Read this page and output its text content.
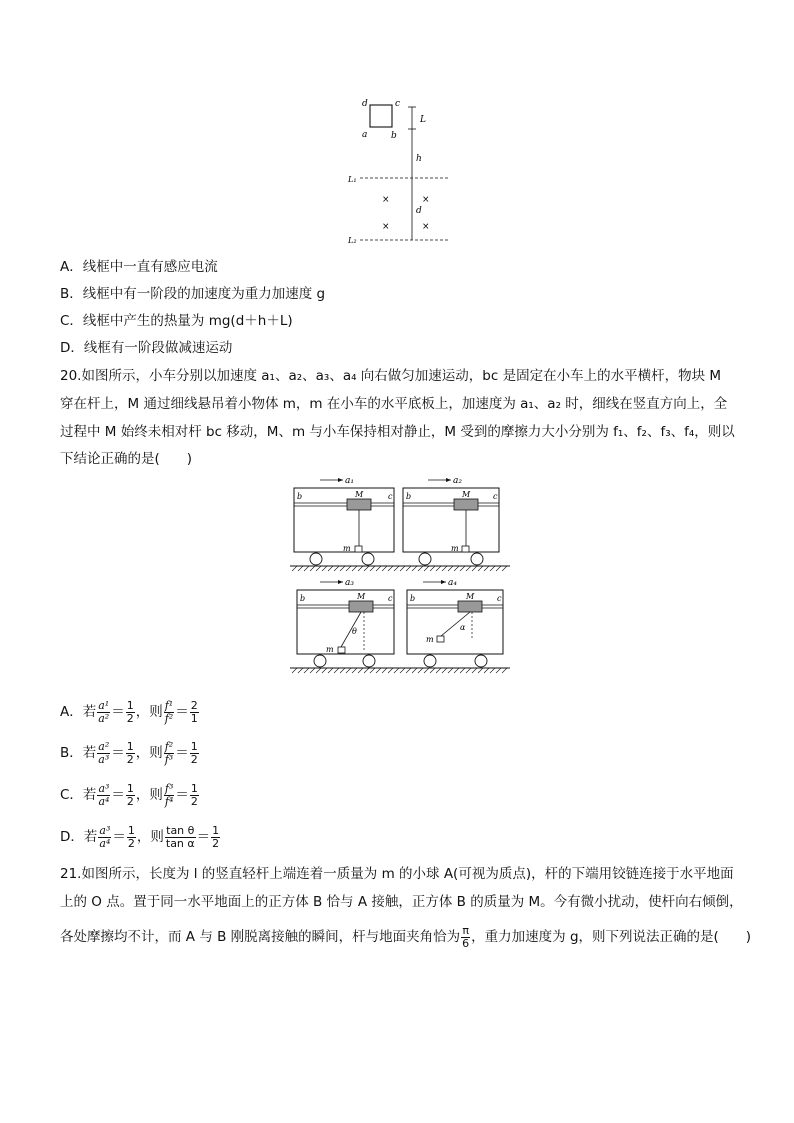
d	c
a	b
L
h
L₁
L₂
d
×	×
×	×
A．线框中一直有感应电流
B．线框中有一阶段的加速度为重力加速度 g
C．线框中产生的热量为 mg(d＋h＋L)
D．线框有一阶段做减速运动
20.如图所示，小车分别以加速度 a₁、a₂、a₃、a₄ 向右做匀加速运动，bc 是固定在小车上的水平横杆，物块 M
穿在杆上，M 通过细线悬吊着小物体 m，m 在小车的水平底板上，加速度为 a₁、a₂ 时，细线在竖直方向上，全
过程中 M 始终未相对杆 bc 移动，M、m 与小车保持相对静止，M 受到的摩擦力大小分别为 f₁、f₂、f₃、f₄，则以
下结论正确的是(　　)
a₁
b	c
M
m
a₂
b	c
M
m
a₃
b	c
M
θ
m
a₄
b	c
M
α
m
A．若 $\frac{\text{a¹}}{\text{a²}} = \frac{1}{2}$ ，则 $\frac{\text{f¹}}{\text{f²}} = \frac{2}{1}$
B．若 $\frac{\text{a²}}{\text{a³}} = \frac{1}{2}$ ，则 $\frac{\text{f²}}{\text{f³}} = \frac{1}{2}$
C．若 $\frac{\text{a³}}{\text{a⁴}} = \frac{1}{2}$ ，则 $\frac{\text{f³}}{\text{f⁴}} = \frac{1}{2}$
D．若 $\frac{\text{a³}}{\text{a⁴}} = \frac{1}{2}$ ，则 $\frac{\text{tan θ}}{\text{tan α}} = \frac{1}{2}$
21.如图所示，长度为 l 的竖直轻杆上端连着一质量为 m 的小球 A(可视为质点)，杆的下端用铰链连接于水平地面
上的 O 点。置于同一水平地面上的正方体 B 恰与 A 接触，正方体 B 的质量为 M。今有微小扰动，使杆向右倾倒，
各处摩擦均不计，而 A 与 B 刚脱离接触的瞬间，杆与地面夹角恰为 $\frac{\pi}{6}$ ，重力加速度为 g，则下列说法正确的是(　　)
